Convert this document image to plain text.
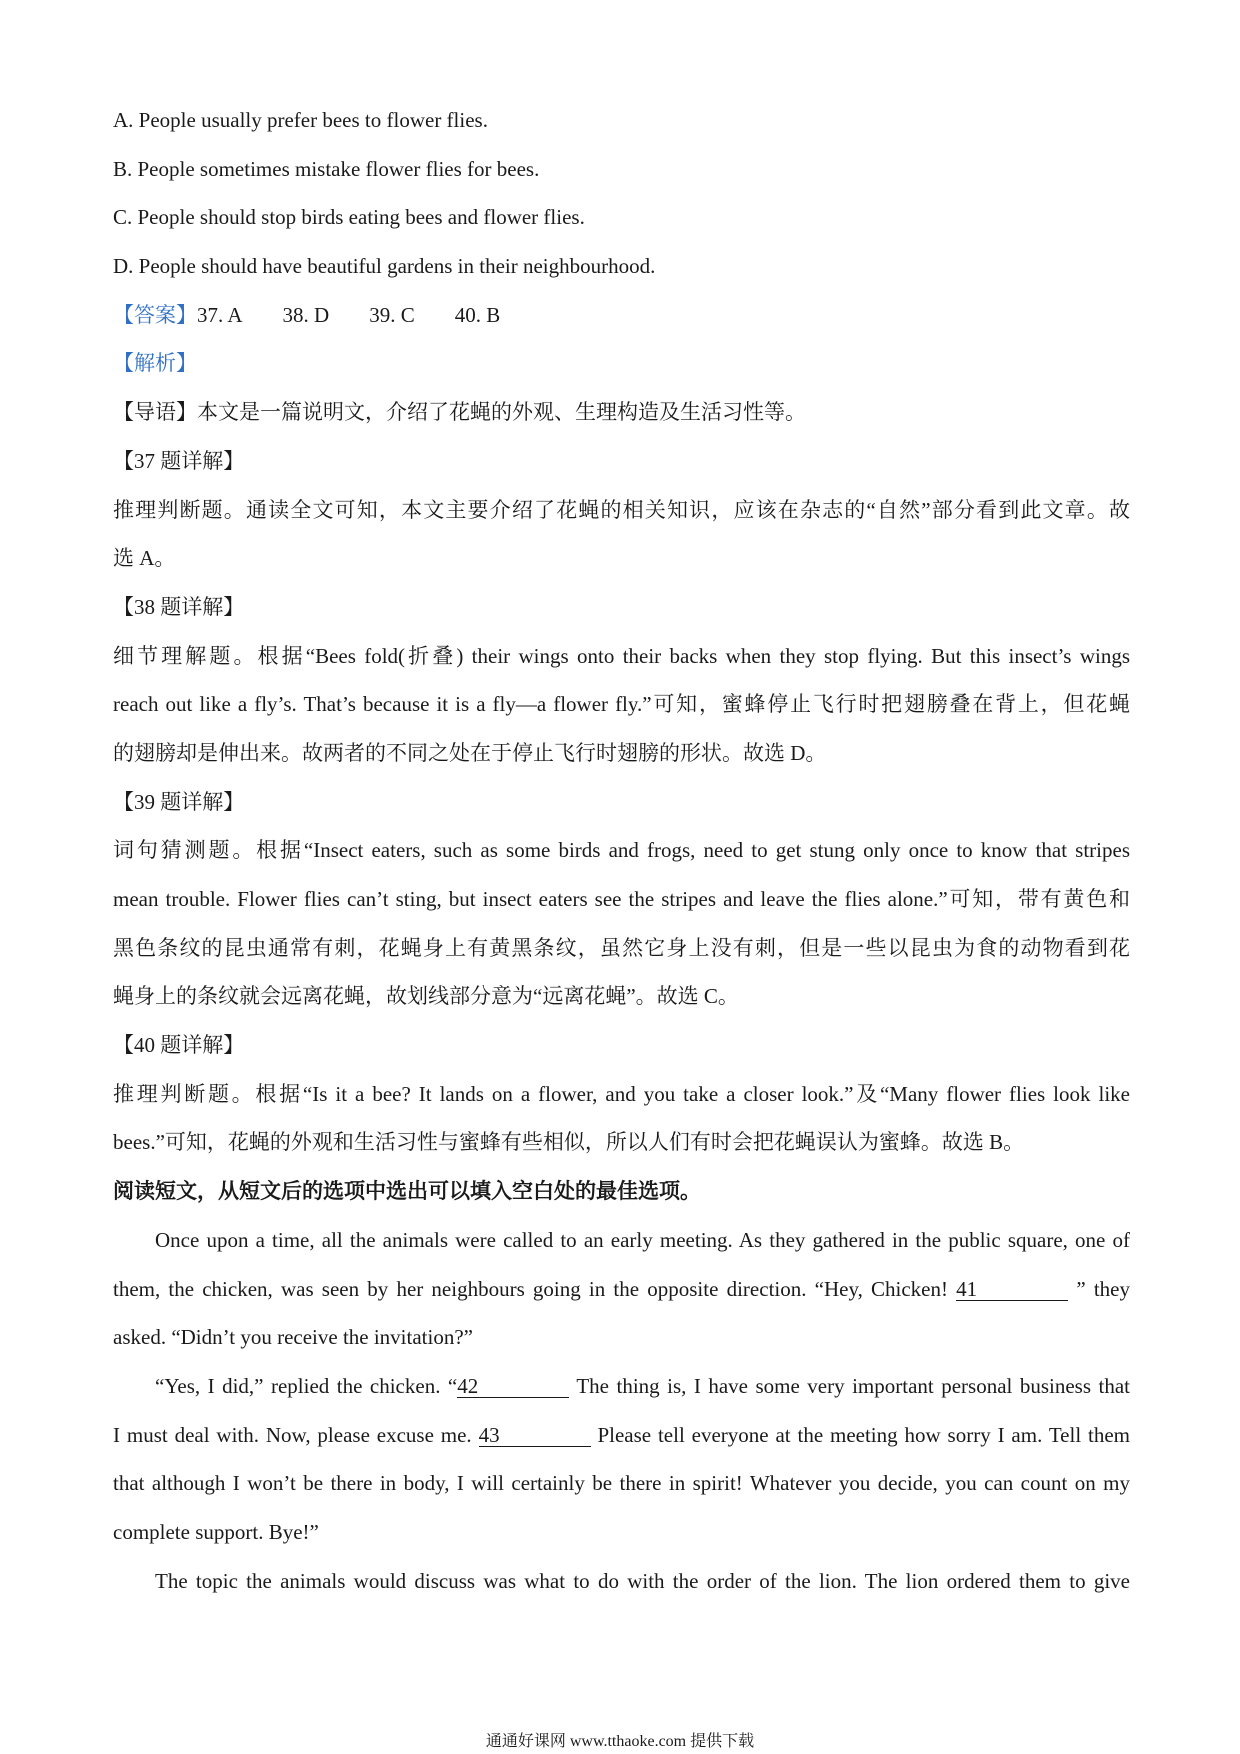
A. People usually prefer bees to flower flies.
B. People sometimes mistake flower flies for bees.
C. People should stop birds eating bees and flower flies.
D. People should have beautiful gardens in their neighbourhood.
【答案】37. A 38. D 39. C 40. B
【解析】
【导语】本文是一篇说明文，介绍了花蝇的外观、生理构造及生活习性等。
【37 题详解】
推理判断题。通读全文可知，本文主要介绍了花蝇的相关知识，应该在杂志的“自然”部分看到此文章。故
选 A。
【38 题详解】
细节理解题。根据“Bees fold(折叠) their wings onto their backs when they stop flying. But this insect’s wings
reach out like a fly’s. That’s because it is a fly—a flower fly.”可知，蜜蜂停止飞行时把翅膀叠在背上，但花蝇
的翅膀却是伸出来。故两者的不同之处在于停止飞行时翅膀的形状。故选 D。
【39 题详解】
词句猜测题。根据“Insect eaters, such as some birds and frogs, need to get stung only once to know that stripes
mean trouble. Flower flies can’t sting, but insect eaters see the stripes and leave the flies alone.”可知，带有黄色和
黑色条纹的昆虫通常有刺，花蝇身上有黄黑条纹，虽然它身上没有刺，但是一些以昆虫为食的动物看到花
蝇身上的条纹就会远离花蝇，故划线部分意为“远离花蝇”。故选 C。
【40 题详解】
推理判断题。根据“Is it a bee? It lands on a flower, and you take a closer look.”及“Many flower flies look like
bees.”可知，花蝇的外观和生活习性与蜜蜂有些相似，所以人们有时会把花蝇误认为蜜蜂。故选 B。
阅读短文，从短文后的选项中选出可以填入空白处的最佳选项。
Once upon a time, all the animals were called to an early meeting. As they gathered in the public square, one of
them, the chicken, was seen by her neighbours going in the opposite direction. “Hey, Chicken! 41	” they
asked. “Didn’t you receive the invitation?”
“Yes, I did,” replied the chicken. “42	The thing is, I have some very important personal business that
I must deal with. Now, please excuse me. 43	Please tell everyone at the meeting how sorry I am. Tell them
that although I won’t be there in body, I will certainly be there in spirit! Whatever you decide, you can count on my
complete support. Bye!”
The topic the animals would discuss was what to do with the order of the lion. The lion ordered them to give
通通好课网 www.tthaoke.com 提供下载
